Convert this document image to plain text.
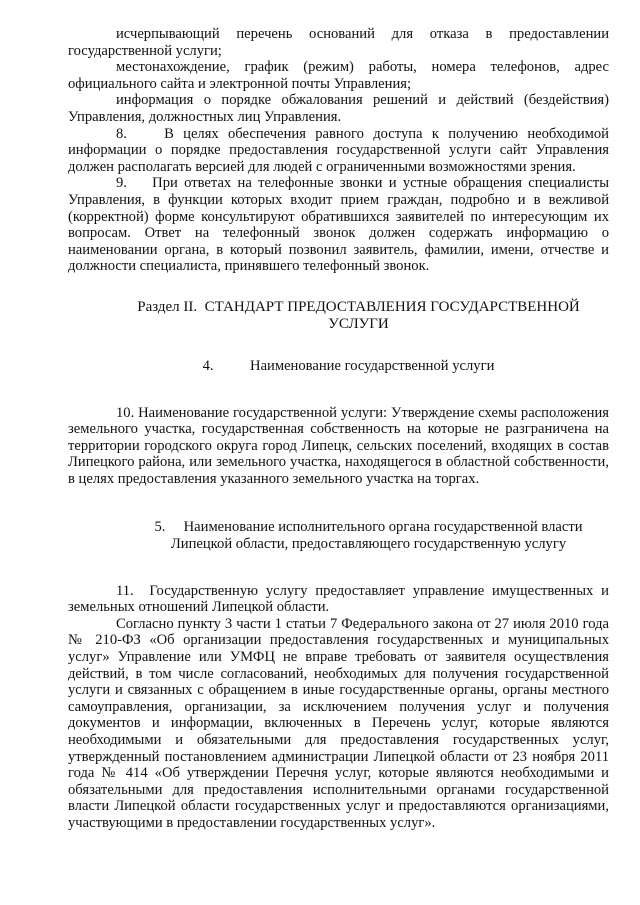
исчерпывающий перечень оснований для отказа в предоставлении государственной услуги;

местонахождение, график (режим) работы, номера телефонов, адрес официального сайта и электронной почты Управления;

информация о порядке обжалования решений и действий (бездействия) Управления, должностных лиц Управления.

8.    В целях обеспечения равного доступа к получению необходимой информации о порядке предоставления государственной услуги сайт Управления должен располагать версией для людей с ограниченными возможностями зрения.

9.    При ответах на телефонные звонки и устные обращения специалисты Управления, в функции которых входит прием граждан, подробно и в вежливой (корректной) форме консультируют обратившихся заявителей по интересующим их вопросам. Ответ на телефонный звонок должен содержать информацию о наименовании органа, в который позвонил заявитель, фамилии, имени, отчестве и должности специалиста, принявшего телефонный звонок.

Раздел II.  СТАНДАРТ ПРЕДОСТАВЛЕНИЯ ГОСУДАРСТВЕННОЙ УСЛУГИ

4.          Наименование государственной услуги

10. Наименование государственной услуги: Утверждение схемы расположения земельного участка, государственная собственность на которые не разграничена на территории городского округа город Липецк, сельских поселений, входящих в состав Липецкого района, или земельного участка, находящегося в областной собственности, в целях предоставления указанного земельного участка на торгах.

5.     Наименование исполнительного органа государственной власти Липецкой области, предоставляющего государственную услугу

11.  Государственную услугу предоставляет управление имущественных и земельных отношений Липецкой области.

Согласно пункту 3 части 1 статьи 7 Федерального закона от 27 июля 2010 года № 210-ФЗ «Об организации предоставления государственных и муниципальных услуг» Управление или УМФЦ не вправе требовать от заявителя осуществления действий, в том числе согласований, необходимых для получения государственной услуги и связанных с обращением в иные государственные органы, органы местного самоуправления, организации, за исключением получения услуг и получения документов и информации, включенных в Перечень услуг, которые являются необходимыми и обязательными для предоставления государственных услуг, утвержденный постановлением администрации Липецкой области от 23 ноября 2011 года № 414 «Об утверждении Перечня услуг, которые являются необходимыми и обязательными для предоставления исполнительными органами государственной власти Липецкой области государственных услуг и предоставляются организациями, участвующими в предоставлении государственных услуг».
